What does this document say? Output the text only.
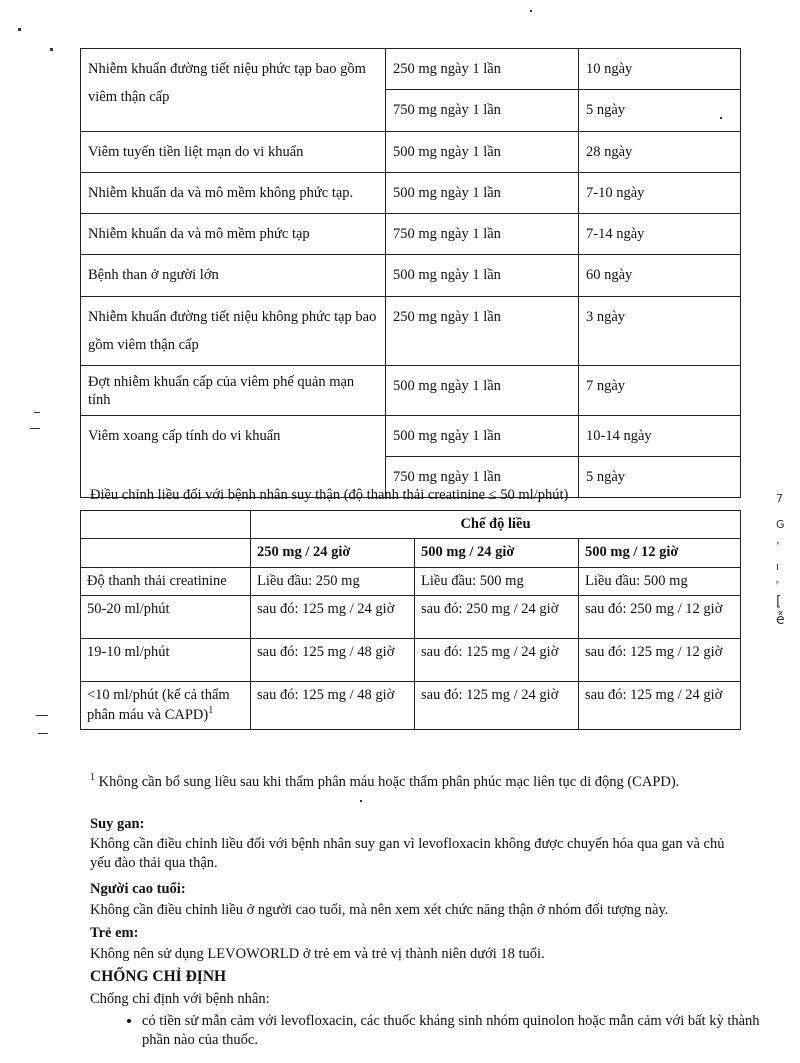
7
G
ʼ
ı
ʳ
[
ễ
Nhiễm khuẩn đường tiết niệu phức tạp bao gồm viêm thận cấp	250 mg ngày 1 lần	10 ngày
	750 mg ngày 1 lần	5 ngày
Viêm tuyến tiền liệt mạn do vi khuẩn	500 mg ngày 1 lần	28 ngày
Nhiễm khuẩn da và mô mềm không phức tạp.	500 mg ngày 1 lần	7-10 ngày
Nhiễm khuẩn da và mô mềm phức tạp	750 mg ngày 1 lần	7-14 ngày
Bệnh than ở người lớn	500 mg ngày 1 lần	60 ngày
Nhiễm khuẩn đường tiết niệu không phức tạp bao gồm viêm thận cấp	250 mg ngày 1 lần	3 ngày
Đợt nhiễm khuẩn cấp của viêm phế quản mạn tính	500 mg ngày 1 lần	7 ngày
Viêm xoang cấp tính do vi khuẩn	500 mg ngày 1 lần	10-14 ngày
	750 mg ngày 1 lần	5 ngày
Điều chỉnh liều đối với bệnh nhân suy thận (độ thanh thải creatinine ≤ 50 ml/phút)
	Chế độ liều		
	250 mg / 24 giờ	500 mg / 24 giờ	500 mg / 12 giờ
Độ thanh thải creatinine	Liều đầu: 250 mg	Liều đầu: 500 mg	Liều đầu: 500 mg
50-20 ml/phút	sau đó: 125 mg / 24 giờ	sau đó: 250 mg / 24 giờ	sau đó: 250 mg / 12 giờ
19-10 ml/phút	sau đó: 125 mg / 48 giờ	sau đó: 125 mg / 24 giờ	sau đó: 125 mg / 12 giờ
<10 ml/phút (kể cả thẩm phân máu và CAPD)$^1$	sau đó: 125 mg / 48 giờ	sau đó: 125 mg / 24 giờ	sau đó: 125 mg / 24 giờ
$^1$ Không cần bổ sung liều sau khi thẩm phân máu hoặc thẩm phân phúc mạc liên tục di động (CAPD).
Suy gan:
Không cần điều chỉnh liều đối với bệnh nhân suy gan vì levofloxacin không được chuyển hóa qua gan và chủ yếu đào thải qua thận.
Người cao tuổi:
Không cần điều chỉnh liều ở người cao tuổi, mà nên xem xét chức năng thận ở nhóm đối tượng này.
Trẻ em:
Không nên sử dụng LEVOWORLD ở trẻ em và trẻ vị thành niên dưới 18 tuổi.
CHỐNG CHỈ ĐỊNH
Chống chỉ định với bệnh nhân:
• có tiền sử mẫn cảm với levofloxacin, các thuốc kháng sinh nhóm quinolon hoặc mẫn cảm với bất kỳ thành phần nào của thuốc.
